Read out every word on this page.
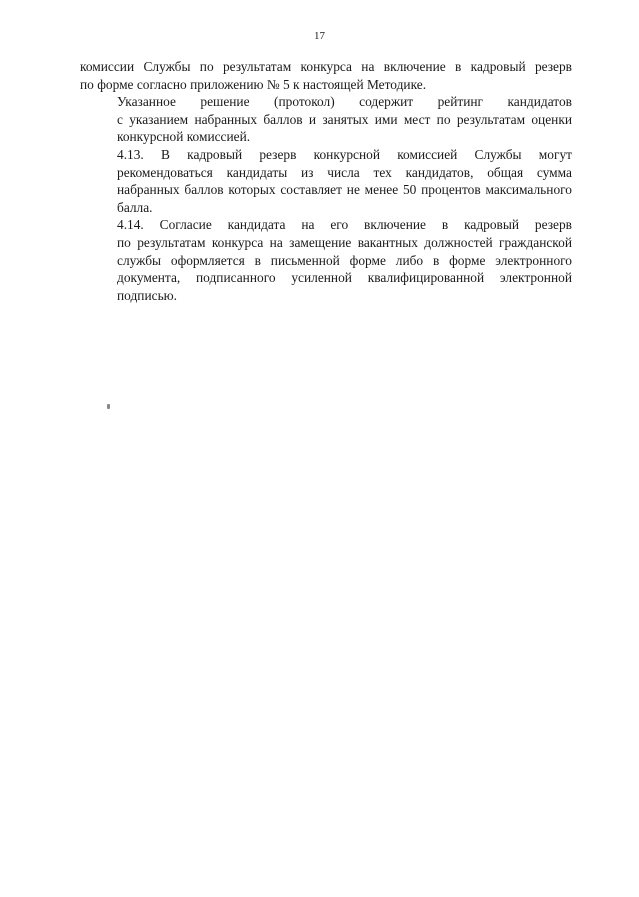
17

комиссии Службы по результатам конкурса на включение в кадровый резерв
по форме согласно приложению № 5 к настоящей Методике.

Указанное решение (протокол) содержит рейтинг кандидатов
с указанием набранных баллов и занятых ими мест по результатам оценки
конкурсной комиссией.

4.13. В кадровый резерв конкурсной комиссией Службы могут
рекомендоваться кандидаты из числа тех кандидатов, общая сумма
набранных баллов которых составляет не менее 50 процентов максимального
балла.

4.14. Согласие кандидата на его включение в кадровый резерв
по результатам конкурса на замещение вакантных должностей гражданской
службы оформляется в письменной форме либо в форме электронного
документа, подписанного усиленной квалифицированной электронной
подписью.
